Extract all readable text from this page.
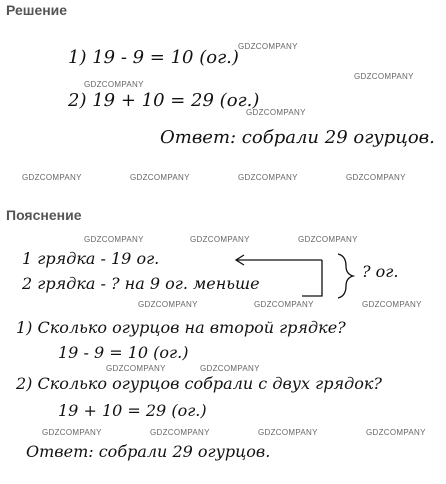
Решение
Пояснение
1) 19 - 9 = 10 (ог.)
2) 19 + 10 = 29 (ог.)
Ответ: собрали 29 огурцов.
1 грядка - 19 ог.
2 грядка - ? на 9 ог. меньше
? ог.
1) Сколько огурцов на второй грядке?
19 - 9 = 10 (ог.)
2) Сколько огурцов собрали с двух грядок?
19 + 10 = 29 (ог.)
Ответ: собрали 29 огурцов.
GDZCOMPANY
GDZCOMPANY
GDZCOMPANY
GDZCOMPANY
GDZCOMPANY	GDZCOMPANY	GDZCOMPANY	GDZCOMPANY
GDZCOMPANY	GDZCOMPANY	GDZCOMPANY
GDZCOMPANY	GDZCOMPANY	GDZCOMPANY
GDZCOMPANY	GDZCOMPANY
GDZCOMPANY	GDZCOMPANY	GDZCOMPANY	GDZCOMPANY
